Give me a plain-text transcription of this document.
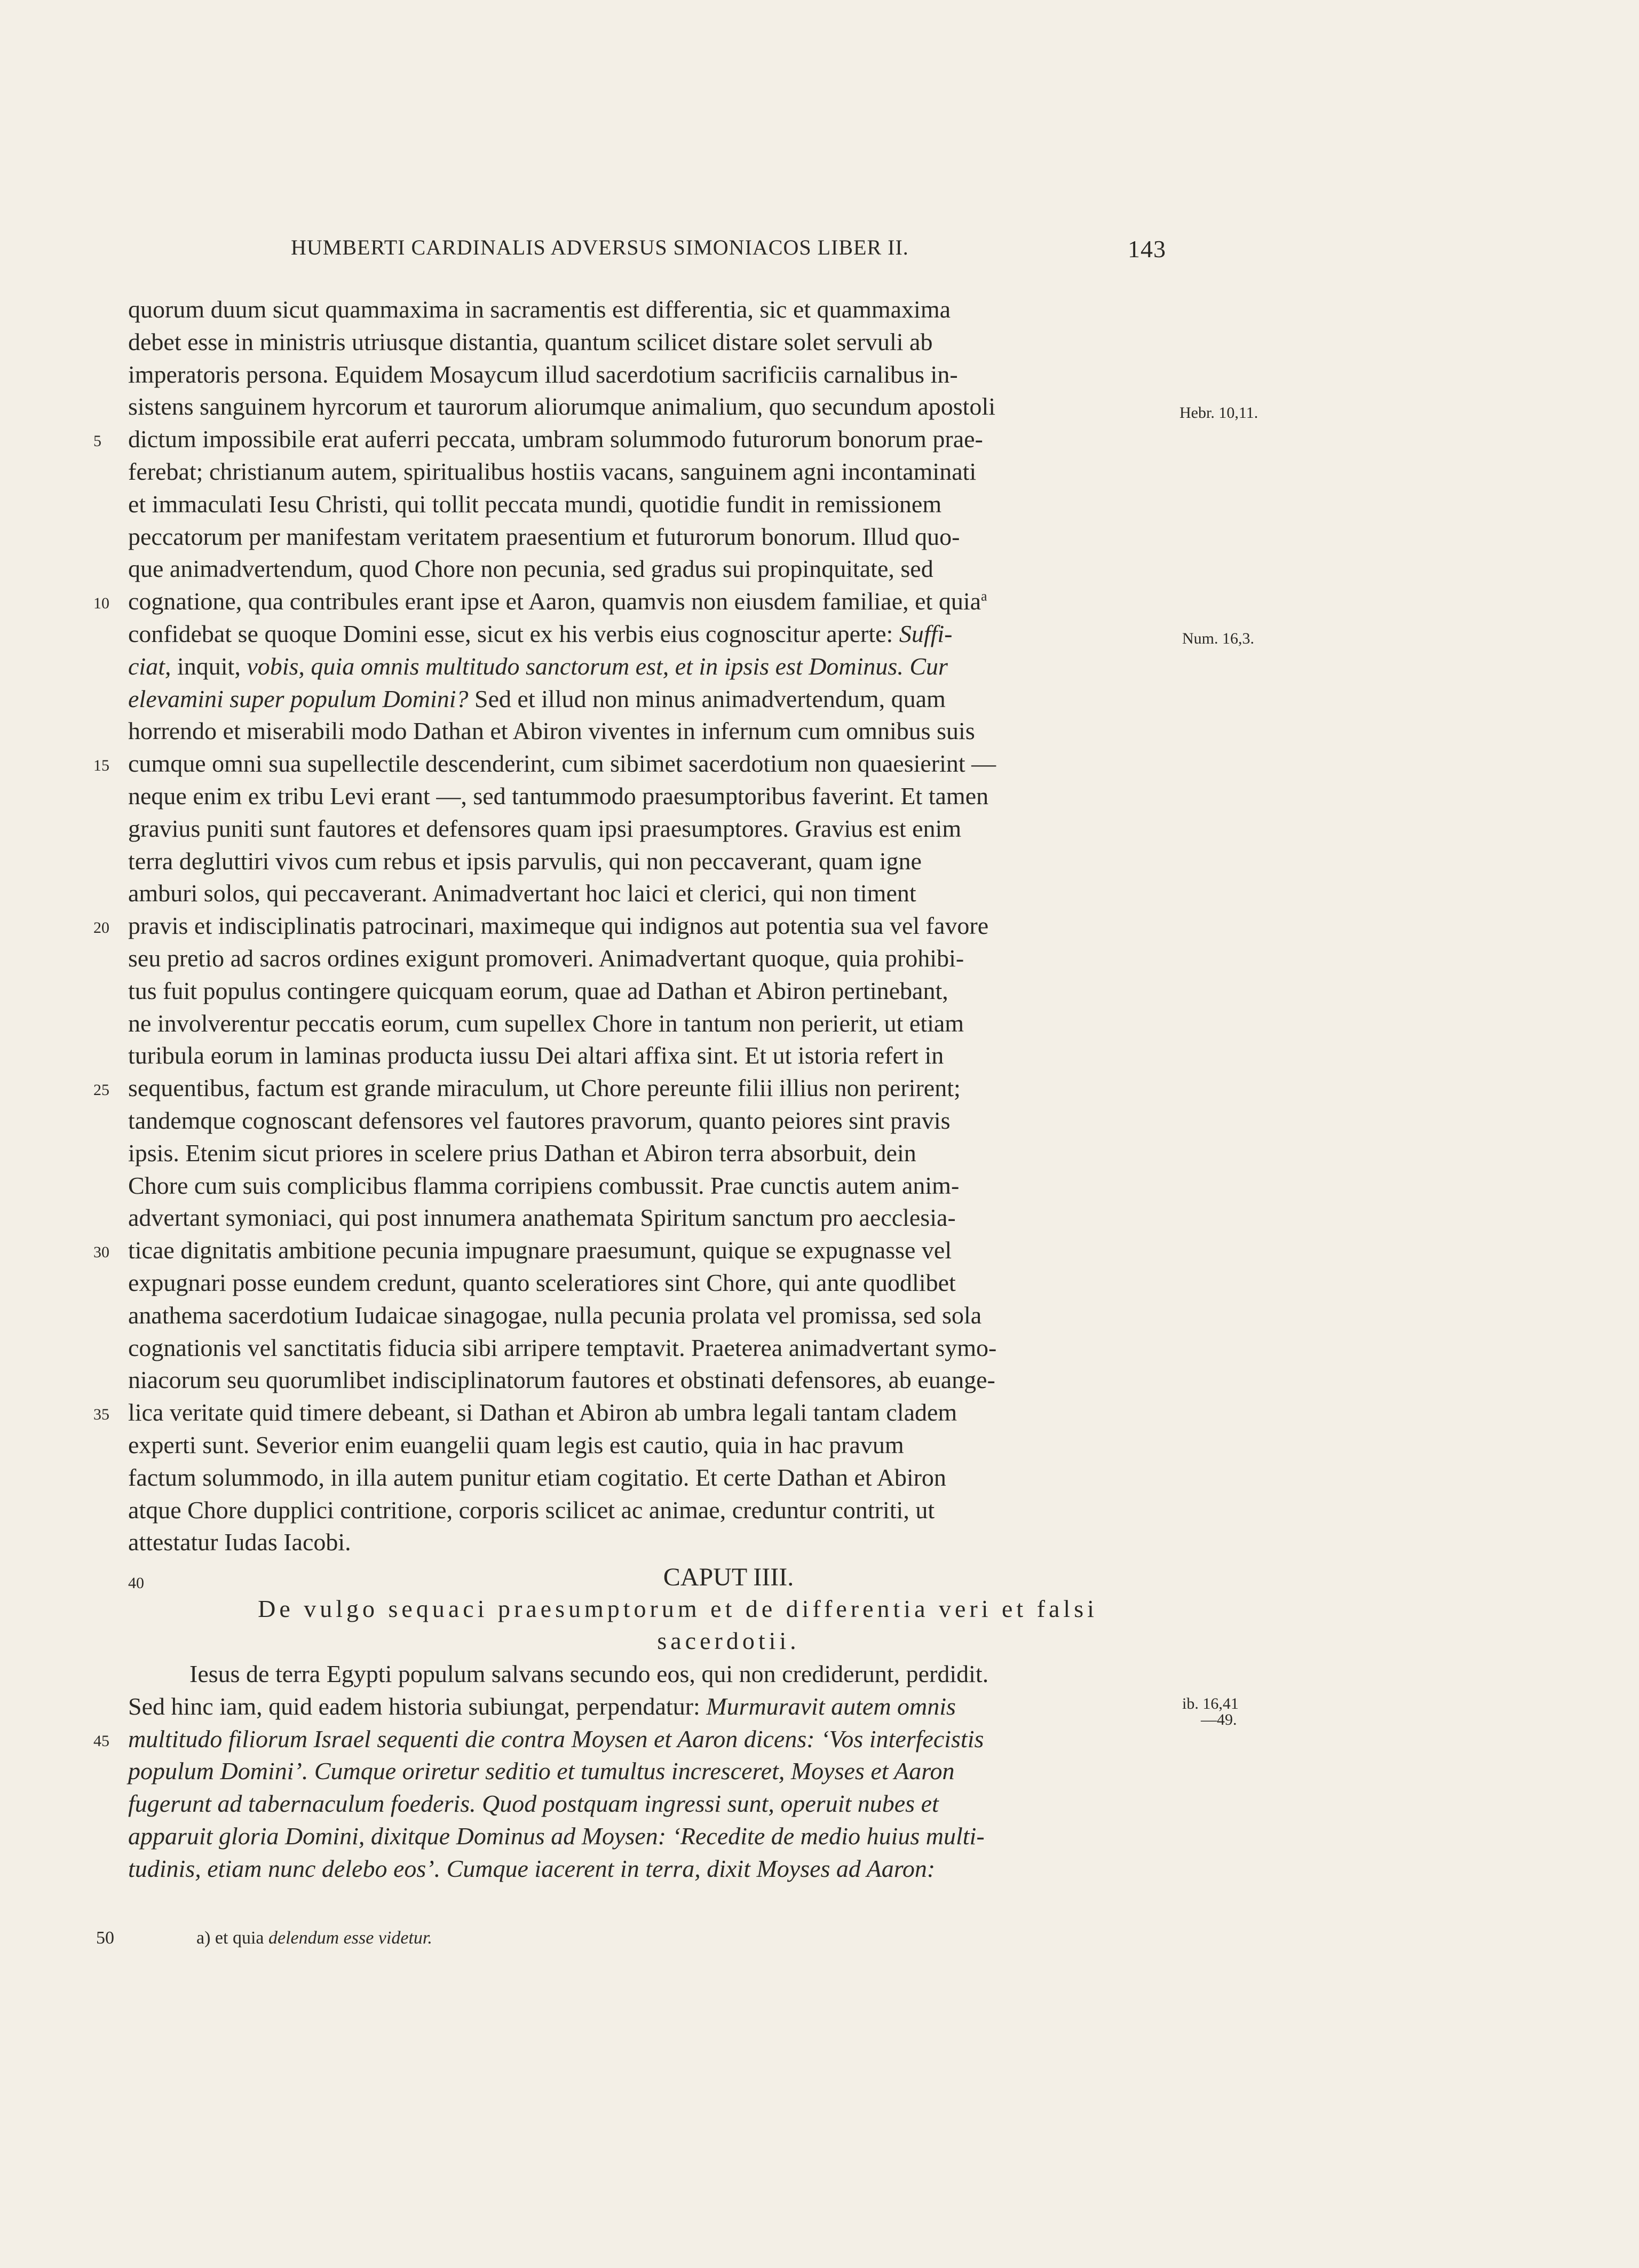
HUMBERTI CARDINALIS ADVERSUS SIMONIACOS LIBER II.	143
quorum duum sicut quammaxima in sacramentis est differentia, sic et quammaxima
debet esse in ministris utriusque distantia, quantum scilicet distare solet servuli ab
imperatoris persona. Equidem Mosaycum illud sacerdotium sacrificiis carnalibus in-
sistens sanguinem hyrcorum et taurorum aliorumque animalium, quo secundum apostoli
5	dictum impossibile erat auferri peccata, umbram solummodo futurorum bonorum prae-
ferebat; christianum autem, spiritualibus hostiis vacans, sanguinem agni incontaminati
et immaculati Iesu Christi, qui tollit peccata mundi, quotidie fundit in remissionem
peccatorum per manifestam veritatem praesentium et futurorum bonorum. Illud quo-
que animadvertendum, quod Chore non pecunia, sed gradus sui propinquitate, sed
10 cognatione, qua contribules erant ipse et Aaron, quamvis non eiusdem familiae, et quia$^a$
confidebat se quoque Domini esse, sicut ex his verbis eius cognoscitur aperte: Suffi-
ciat, inquit, vobis, quia omnis multitudo sanctorum est, et in ipsis est Dominus. Cur
elevamini super populum Domini? Sed et illud non minus animadvertendum, quam
horrendo et miserabili modo Dathan et Abiron viventes in infernum cum omnibus suis
15 cumque omni sua supellectile descenderint, cum sibimet sacerdotium non quaesierint —
neque enim ex tribu Levi erant —, sed tantummodo praesumptoribus faverint. Et tamen
gravius puniti sunt fautores et defensores quam ipsi praesumptores. Gravius est enim
terra degluttiri vivos cum rebus et ipsis parvulis, qui non peccaverant, quam igne
amburi solos, qui peccaverant. Animadvertant hoc laici et clerici, qui non timent
20 pravis et indisciplinatis patrocinari, maximeque qui indignos aut potentia sua vel favore
seu pretio ad sacros ordines exigunt promoveri. Animadvertant quoque, quia prohibi-
tus fuit populus contingere quicquam eorum, quae ad Dathan et Abiron pertinebant,
ne involverentur peccatis eorum, cum supellex Chore in tantum non perierit, ut etiam
turibula eorum in laminas producta iussu Dei altari affixa sint. Et ut istoria refert in
25 sequentibus, factum est grande miraculum, ut Chore pereunte filii illius non perirent;
tandemque cognoscant defensores vel fautores pravorum, quanto peiores sint pravis
ipsis. Etenim sicut priores in scelere prius Dathan et Abiron terra absorbuit, dein
Chore cum suis complicibus flamma corripiens combussit. Prae cunctis autem anim-
advertant symoniaci, qui post innumera anathemata Spiritum sanctum pro aecclesia-
30 ticae dignitatis ambitione pecunia impugnare praesumunt, quique se expugnasse vel
expugnari posse eundem credunt, quanto sceleratiores sint Chore, qui ante quodlibet
anathema sacerdotium Iudaicae sinagogae, nulla pecunia prolata vel promissa, sed sola
cognationis vel sanctitatis fiducia sibi arripere temptavit. Praeterea animadvertant symo-
niacorum seu quorumlibet indisciplinatorum fautores et obstinati defensores, ab euange-
35 lica veritate quid timere debeant, si Dathan et Abiron ab umbra legali tantam cladem
experti sunt. Severior enim euangelii quam legis est cautio, quia in hac pravum
factum solummodo, in illa autem punitur etiam cogitatio. Et certe Dathan et Abiron
atque Chore dupplici contritione, corporis scilicet ac animae, creduntur contriti, ut
attestatur Iudas Iacobi.
Hebr. 10,11.
Num. 16,3.
ib. 16,41
—49.
40	CAPUT IIII.
De vulgo sequaci praesumptorum et de differentia veri et falsi
sacerdotii.
Iesus de terra Egypti populum salvans secundo eos, qui non crediderunt, perdidit.
Sed hinc iam, quid eadem historia subiungat, perpendatur: Murmuravit autem omnis
45 multitudo filiorum Israel sequenti die contra Moysen et Aaron dicens: ‘Vos interfecistis
populum Domini’. Cumque oriretur seditio et tumultus incresceret, Moyses et Aaron
fugerunt ad tabernaculum foederis. Quod postquam ingressi sunt, operuit nubes et
apparuit gloria Domini, dixitque Dominus ad Moysen: ‘Recedite de medio huius multi-
tudinis, etiam nunc delebo eos’. Cumque iacerent in terra, dixit Moyses ad Aaron:
50	a) et quia delendum esse videtur.
